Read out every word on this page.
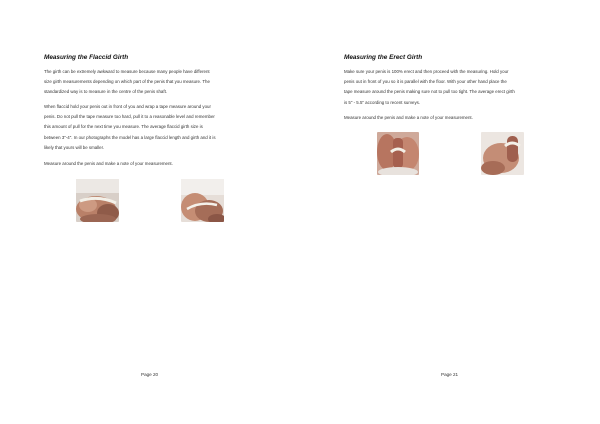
Measuring the Flaccid Girth
The girth can be extremely awkward to measure because many people have different
size girth measurements depending on which part of the penis that you measure. The
standardized way is to measure in the centre of the penis shaft.
When flaccid hold your penis out in front of you and wrap a tape measure around your
penis. Do not pull the tape measure too hard, pull it to a reasonable level and remember
this amount of pull for the next time you measure. The average flaccid girth size is
between 3"-4". In our photographs the model has a large flaccid length and girth and it is
likely that yours will be smaller.
Measure around the penis and make a note of your measurement.
Page 20
Measuring the Erect Girth
Make sure your penis is 100% erect and then proceed with the measuring. Hold your
penis out in front of you so it is parallel with the floor. With your other hand place the
tape measure around the penis making sure not to pull too tight. The average erect girth
is 5" - 5.5" according to recent surveys.
Measure around the penis and make a note of your measurement.
Page 21
